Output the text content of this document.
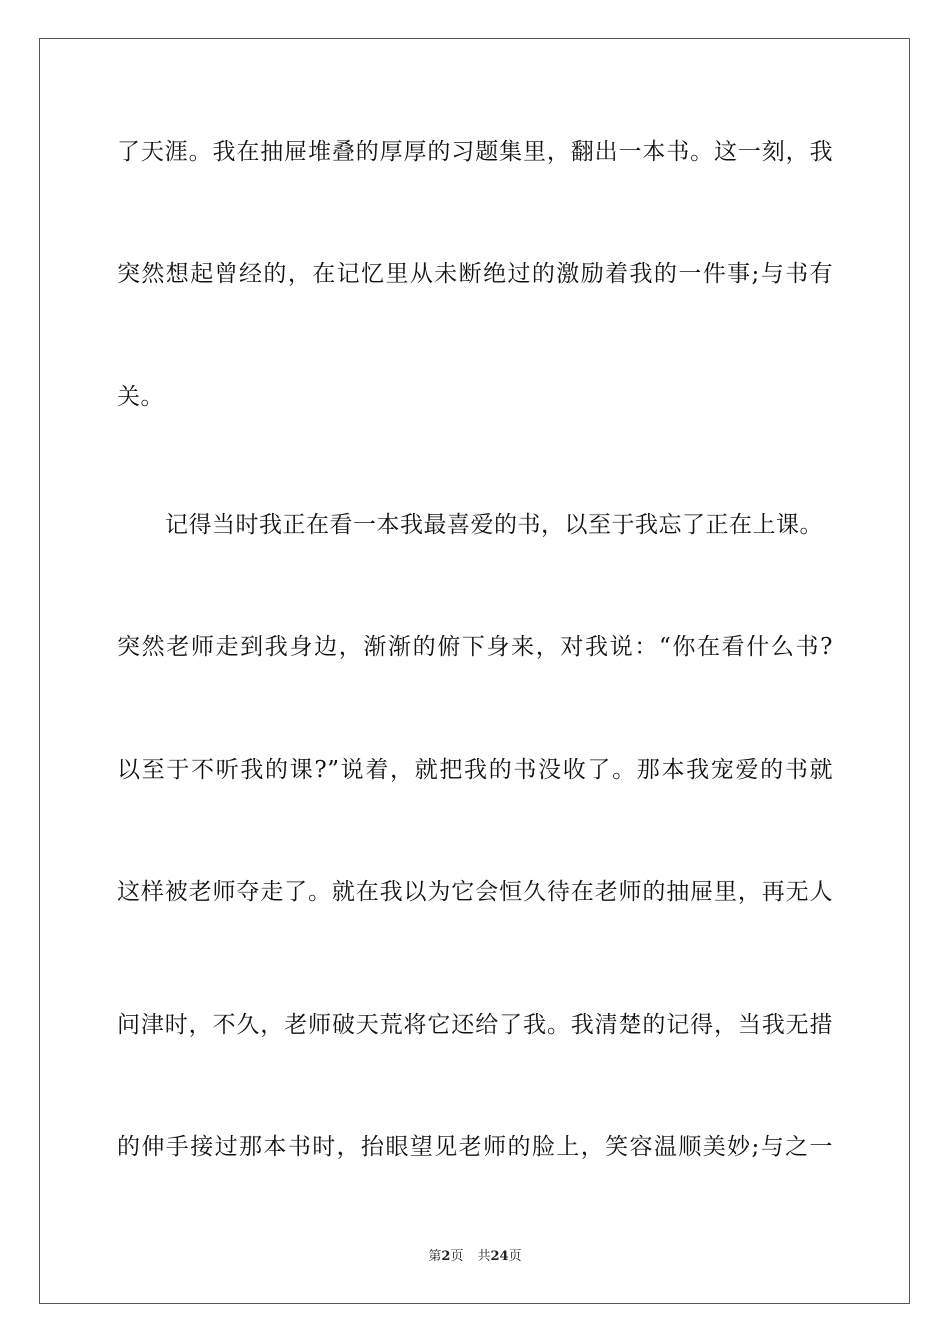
了天涯。我在抽屉堆叠的厚厚的习题集里，翻出一本书。这一刻，我
突然想起曾经的，在记忆里从未断绝过的激励着我的一件事;与书有
关。
记得当时我正在看一本我最喜爱的书，以至于我忘了正在上课。
突然老师走到我身边，渐渐的俯下身来，对我说：“你在看什么书?
以至于不听我的课?”说着，就把我的书没收了。那本我宠爱的书就
这样被老师夺走了。就在我以为它会恒久待在老师的抽屉里，再无人
问津时，不久，老师破天荒将它还给了我。我清楚的记得，当我无措
的伸手接过那本书时，抬眼望见老师的脸上，笑容温顺美妙;与之一
第2页 共24页
